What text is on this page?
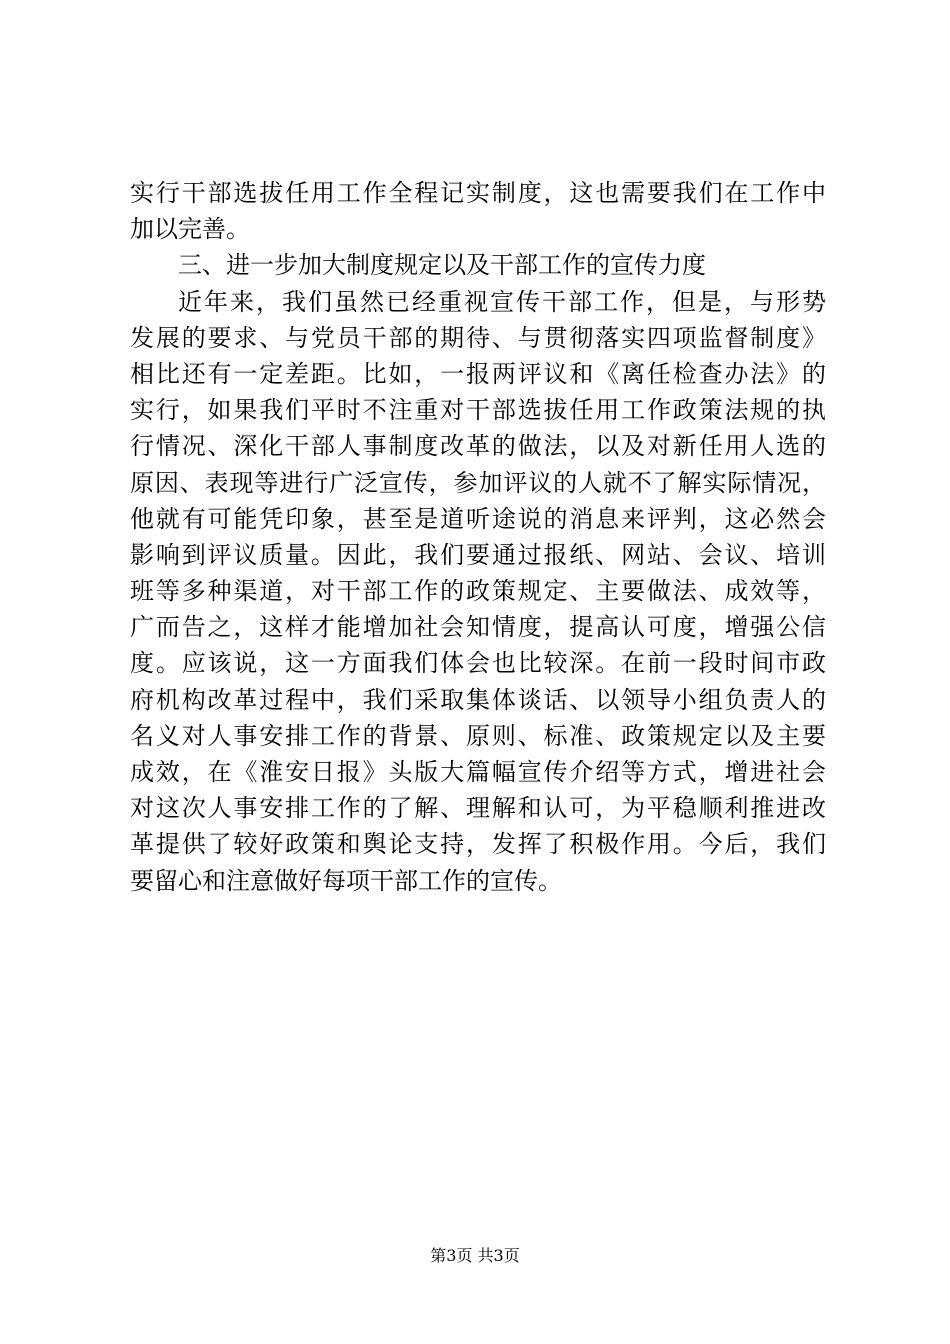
实行干部选拔任用工作全程记实制度，这也需要我们在工作中
加以完善。
三、进一步加大制度规定以及干部工作的宣传力度
近年来，我们虽然已经重视宣传干部工作，但是，与形势
发展的要求、与党员干部的期待、与贯彻落实四项监督制度》
相比还有一定差距。比如，一报两评议和《离任检查办法》的
实行，如果我们平时不注重对干部选拔任用工作政策法规的执
行情况、深化干部人事制度改革的做法，以及对新任用人选的
原因、表现等进行广泛宣传，参加评议的人就不了解实际情况，
他就有可能凭印象，甚至是道听途说的消息来评判，这必然会
影响到评议质量。因此，我们要通过报纸、网站、会议、培训
班等多种渠道，对干部工作的政策规定、主要做法、成效等，
广而告之，这样才能增加社会知情度，提高认可度，增强公信
度。应该说，这一方面我们体会也比较深。在前一段时间市政
府机构改革过程中，我们采取集体谈话、以领导小组负责人的
名义对人事安排工作的背景、原则、标准、政策规定以及主要
成效，在《淮安日报》头版大篇幅宣传介绍等方式，增进社会
对这次人事安排工作的了解、理解和认可，为平稳顺利推进改
革提供了较好政策和舆论支持，发挥了积极作用。今后，我们
要留心和注意做好每项干部工作的宣传。
第3页 共3页
